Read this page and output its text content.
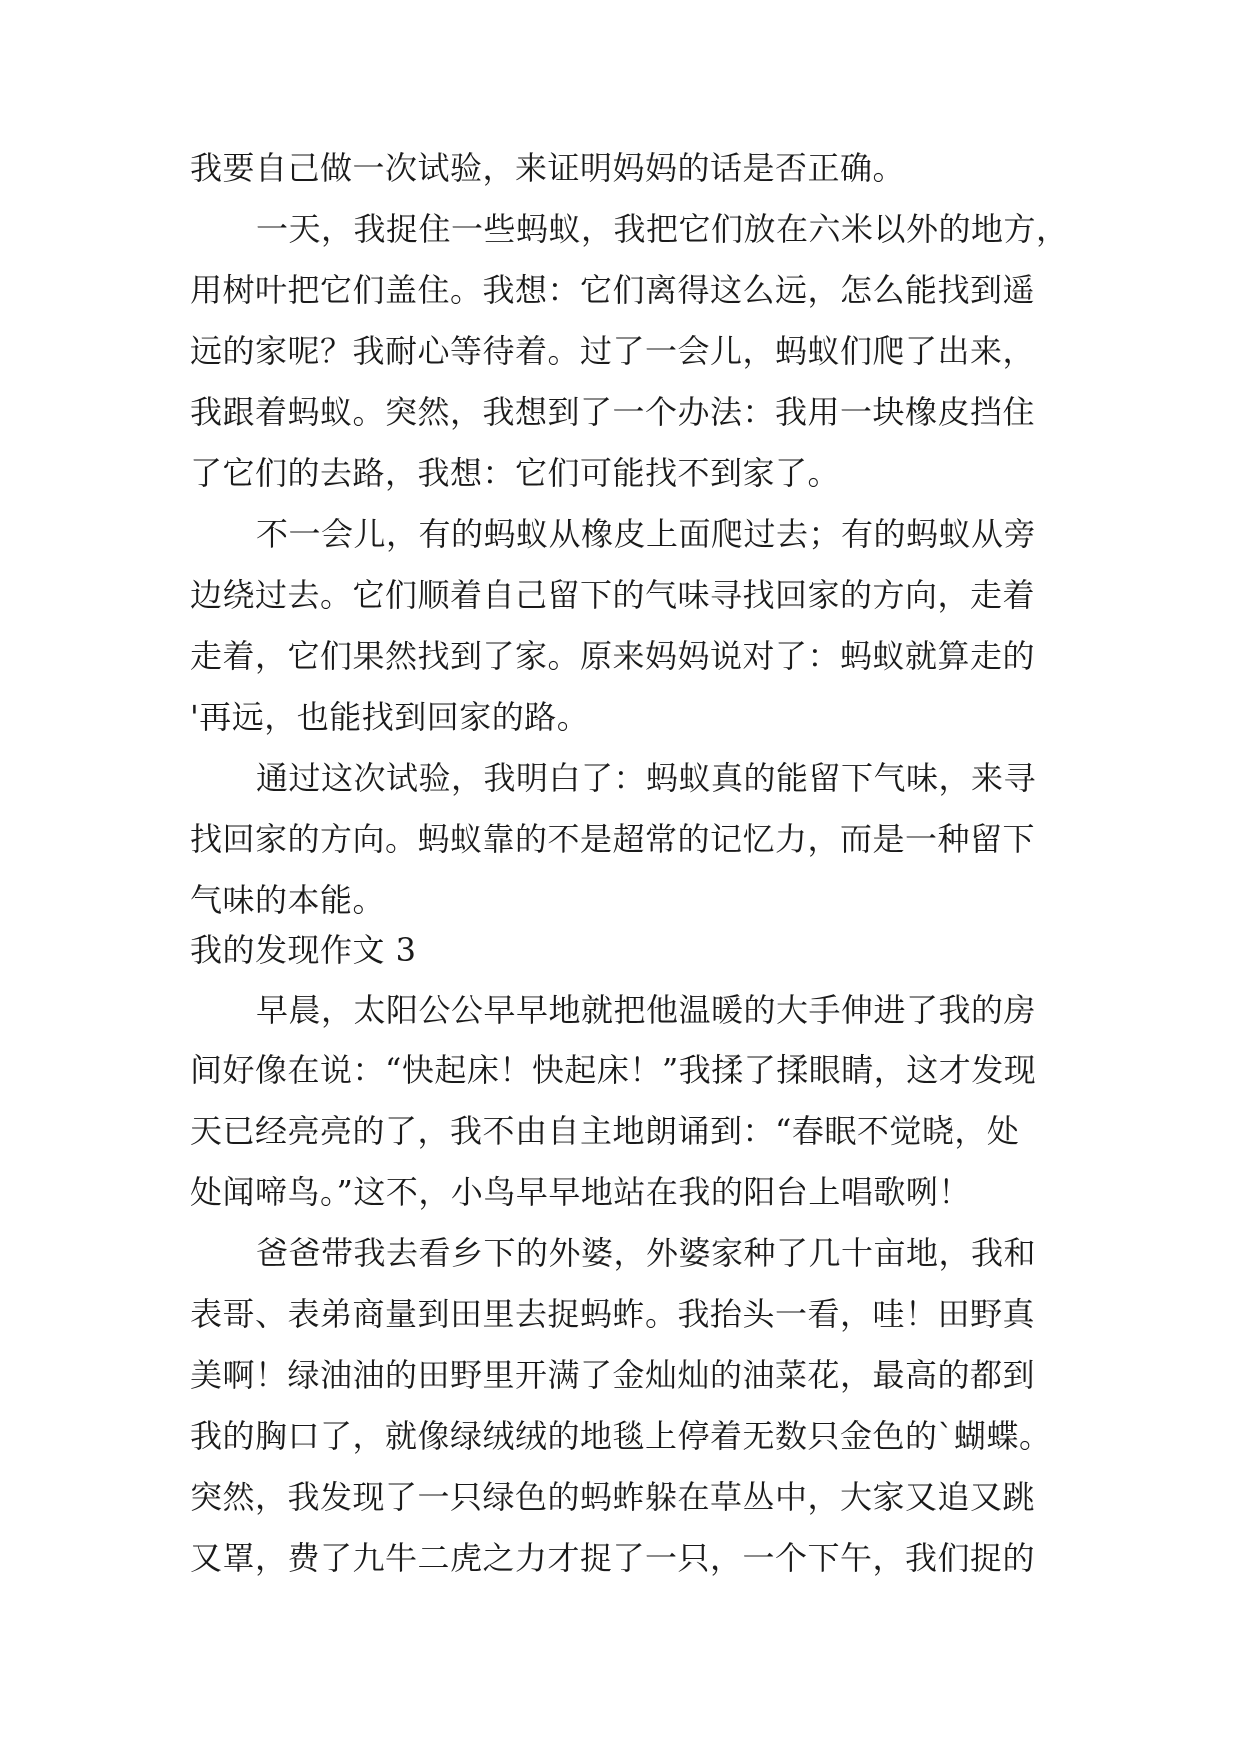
我要自己做一次试验，来证明妈妈的话是否正确。
一天，我捉住一些蚂蚁，我把它们放在六米以外的地方，
用树叶把它们盖住。我想：它们离得这么远，怎么能找到遥
远的家呢？我耐心等待着。过了一会儿，蚂蚁们爬了出来，
我跟着蚂蚁。突然，我想到了一个办法：我用一块橡皮挡住
了它们的去路，我想：它们可能找不到家了。
不一会儿，有的蚂蚁从橡皮上面爬过去；有的蚂蚁从旁
边绕过去。它们顺着自己留下的气味寻找回家的方向，走着
走着，它们果然找到了家。原来妈妈说对了：蚂蚁就算走的
'再远，也能找到回家的路。
通过这次试验，我明白了：蚂蚁真的能留下气味，来寻
找回家的方向。蚂蚁靠的不是超常的记忆力，而是一种留下
气味的本能。
我的发现作文 3
早晨，太阳公公早早地就把他温暖的大手伸进了我的房
间好像在说：“快起床！快起床！”我揉了揉眼睛，这才发现
天已经亮亮的了，我不由自主地朗诵到：“春眠不觉晓，处
处闻啼鸟。”这不，小鸟早早地站在我的阳台上唱歌咧！
爸爸带我去看乡下的外婆，外婆家种了几十亩地，我和
表哥、表弟商量到田里去捉蚂蚱。我抬头一看，哇！田野真
美啊！绿油油的田野里开满了金灿灿的油菜花，最高的都到
我的胸口了，就像绿绒绒的地毯上停着无数只金色的`蝴蝶。
突然，我发现了一只绿色的蚂蚱躲在草丛中，大家又追又跳
又罩，费了九牛二虎之力才捉了一只，一个下午，我们捉的
